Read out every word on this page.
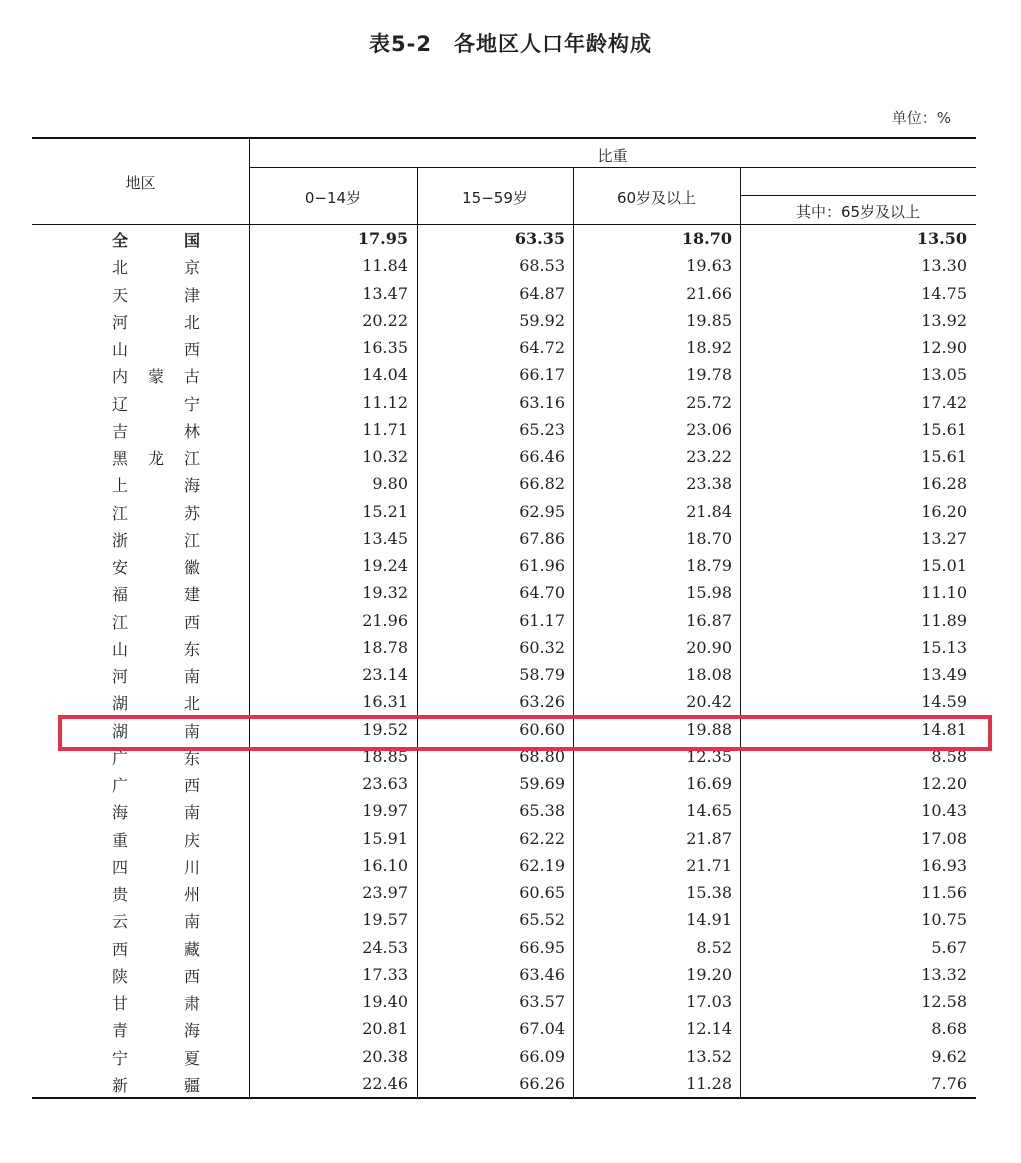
表5-2　各地区人口年龄构成
单位：%
地区
比重
0−14岁	15−59岁	60岁及以上
其中：65岁及以上
全国	17.95	63.35	18.70	13.50
北京	11.84	68.53	19.63	13.30
天津	13.47	64.87	21.66	14.75
河北	20.22	59.92	19.85	13.92
山西	16.35	64.72	18.92	12.90
内蒙古	14.04	66.17	19.78	13.05
辽宁	11.12	63.16	25.72	17.42
吉林	11.71	65.23	23.06	15.61
黑龙江	10.32	66.46	23.22	15.61
上海	9.80	66.82	23.38	16.28
江苏	15.21	62.95	21.84	16.20
浙江	13.45	67.86	18.70	13.27
安徽	19.24	61.96	18.79	15.01
福建	19.32	64.70	15.98	11.10
江西	21.96	61.17	16.87	11.89
山东	18.78	60.32	20.90	15.13
河南	23.14	58.79	18.08	13.49
湖北	16.31	63.26	20.42	14.59
湖南	19.52	60.60	19.88	14.81
广东	18.85	68.80	12.35	8.58
广西	23.63	59.69	16.69	12.20
海南	19.97	65.38	14.65	10.43
重庆	15.91	62.22	21.87	17.08
四川	16.10	62.19	21.71	16.93
贵州	23.97	60.65	15.38	11.56
云南	19.57	65.52	14.91	10.75
西藏	24.53	66.95	8.52	5.67
陕西	17.33	63.46	19.20	13.32
甘肃	19.40	63.57	17.03	12.58
青海	20.81	67.04	12.14	8.68
宁夏	20.38	66.09	13.52	9.62
新疆	22.46	66.26	11.28	7.76
